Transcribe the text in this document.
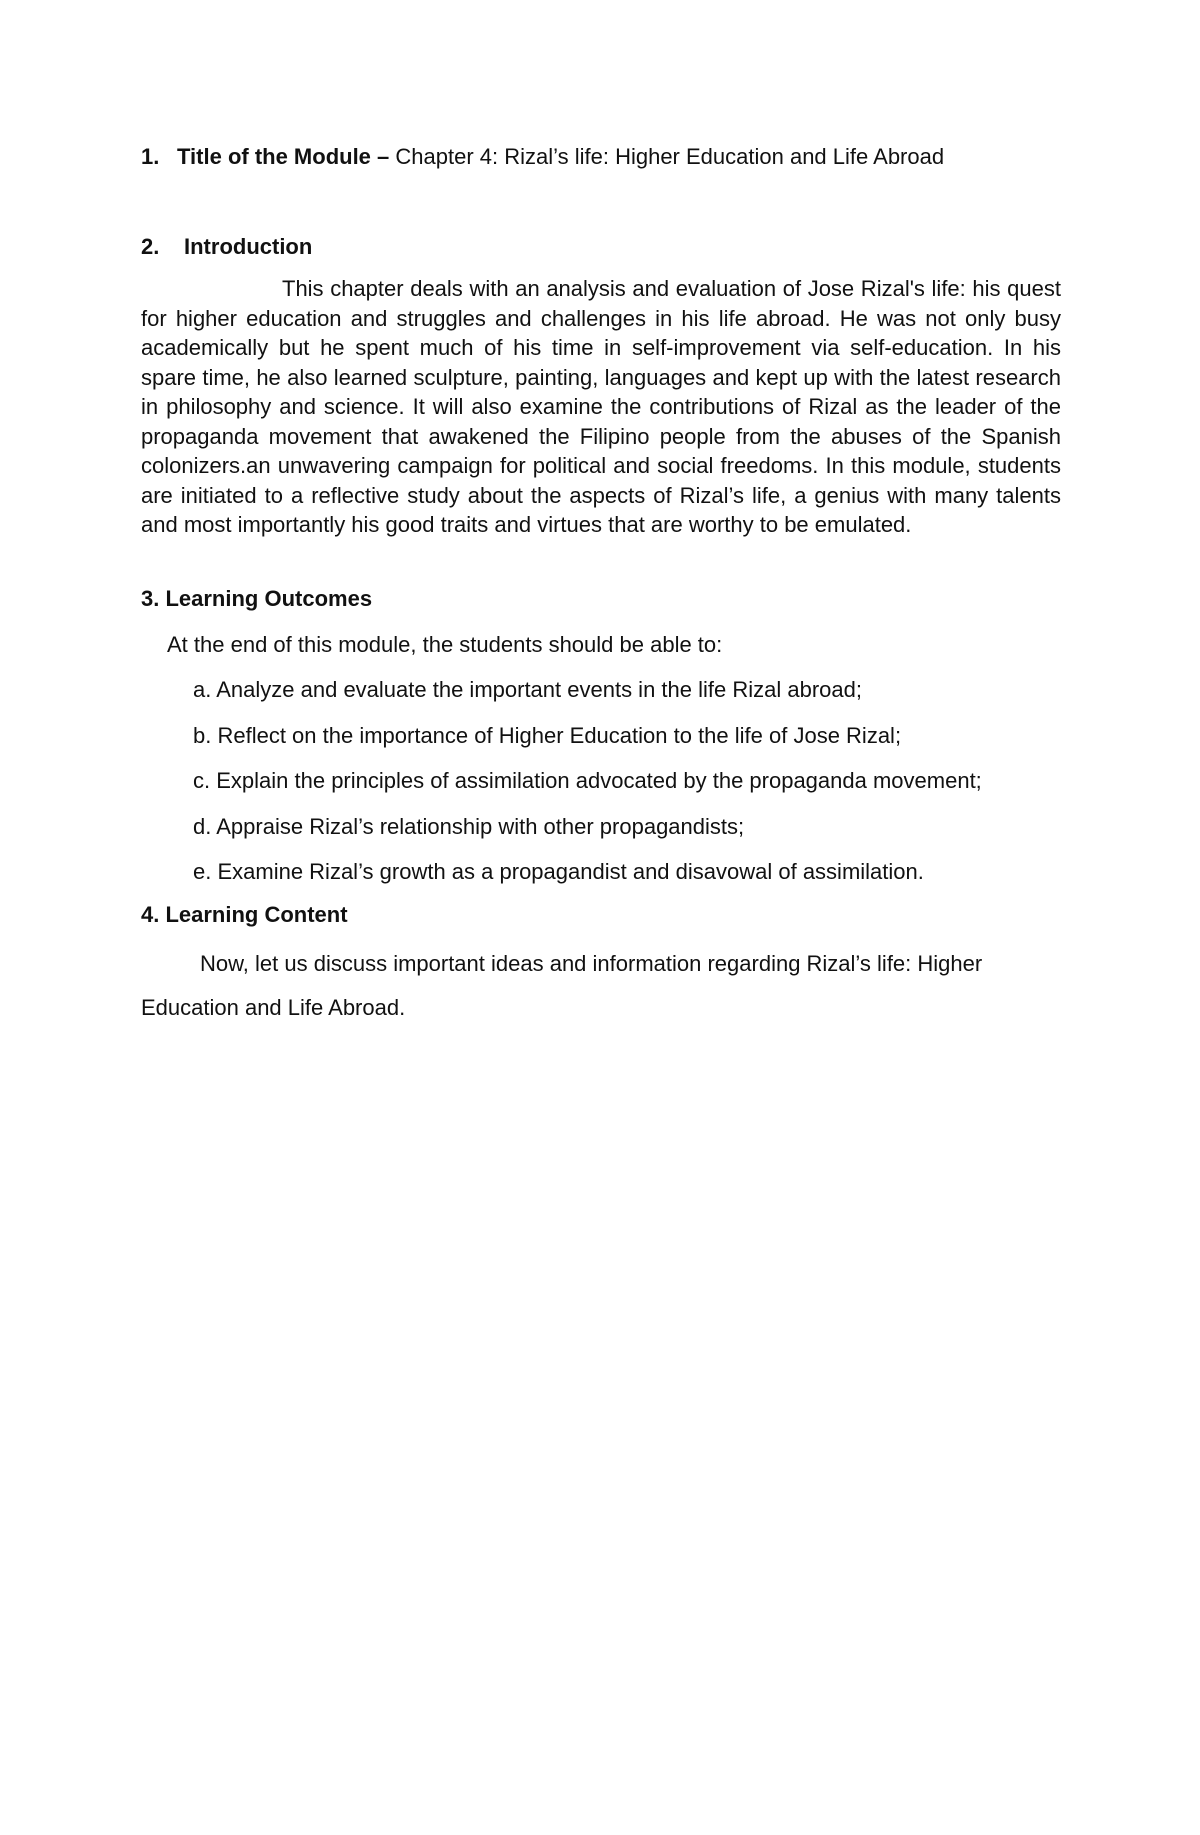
1. Title of the Module – Chapter 4: Rizal’s life: Higher Education and Life Abroad

2. Introduction

This chapter deals with an analysis and evaluation of Jose Rizal's life: his quest for higher education and struggles and challenges in his life abroad. He was not only busy academically but he spent much of his time in self-improvement via self-education. In his spare time, he also learned sculpture, painting, languages and kept up with the latest research in philosophy and science. It will also examine the contributions of Rizal as the leader of the propaganda movement that awakened the Filipino people from the abuses of the Spanish colonizers.an unwavering campaign for political and social freedoms. In this module, students are initiated to a reflective study about the aspects of Rizal’s life, a genius with many talents and most importantly his good traits and virtues that are worthy to be emulated.

3. Learning Outcomes

At the end of this module, the students should be able to:

a. Analyze and evaluate the important events in the life Rizal abroad;
b. Reflect on the importance of Higher Education to the life of Jose Rizal;
c. Explain the principles of assimilation advocated by the propaganda movement;
d. Appraise Rizal’s relationship with other propagandists;
e. Examine Rizal’s growth as a propagandist and disavowal of assimilation.

4. Learning Content

Now, let us discuss important ideas and information regarding Rizal’s life: Higher Education and Life Abroad.
